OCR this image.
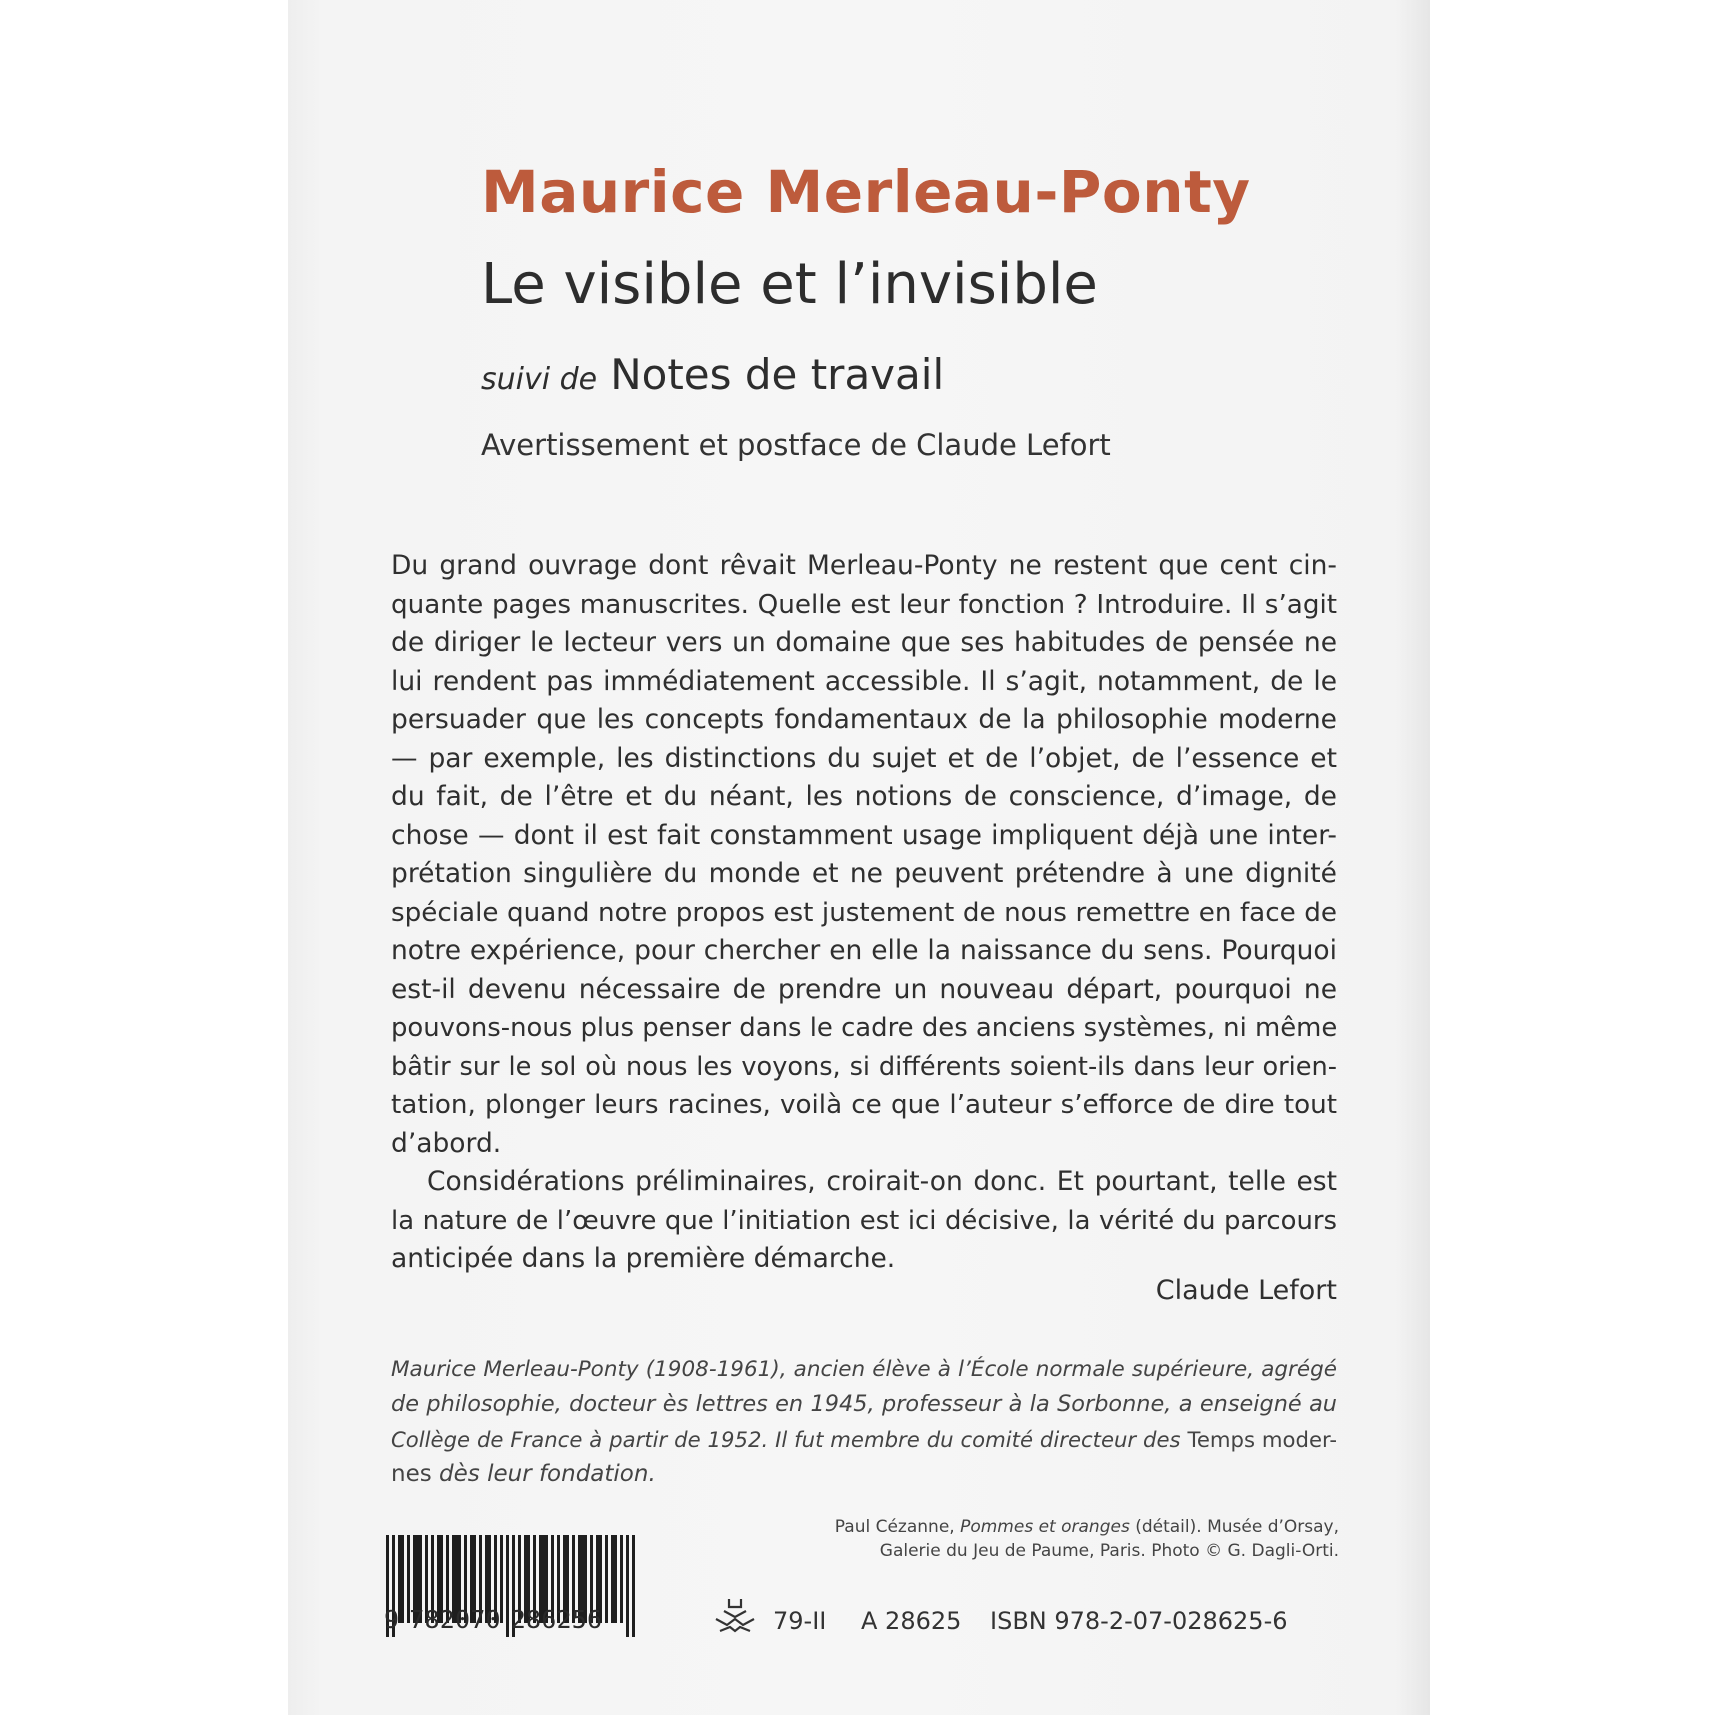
Maurice Merleau-Ponty
Le visible et l’invisible
suivi de Notes de travail
Avertissement et postface de Claude Lefort
Du grand ouvrage dont rêvait Merleau-Ponty ne restent que cent cin-
quante pages manuscrites. Quelle est leur fonction ? Introduire. Il s’agit
de diriger le lecteur vers un domaine que ses habitudes de pensée ne
lui rendent pas immédiatement accessible. Il s’agit, notamment, de le
persuader que les concepts fondamentaux de la philosophie moderne
— par exemple, les distinctions du sujet et de l’objet, de l’essence et
du fait, de l’être et du néant, les notions de conscience, d’image, de
chose — dont il est fait constamment usage impliquent déjà une inter-
prétation singulière du monde et ne peuvent prétendre à une dignité
spéciale quand notre propos est justement de nous remettre en face de
notre expérience, pour chercher en elle la naissance du sens. Pourquoi
est-il devenu nécessaire de prendre un nouveau départ, pourquoi ne
pouvons-nous plus penser dans le cadre des anciens systèmes, ni même
bâtir sur le sol où nous les voyons, si différents soient-ils dans leur orien-
tation, plonger leurs racines, voilà ce que l’auteur s’efforce de dire tout
d’abord.
Considérations préliminaires, croirait-on donc. Et pourtant, telle est
la nature de l’œuvre que l’initiation est ici décisive, la vérité du parcours
anticipée dans la première démarche.
Claude Lefort
Maurice Merleau-Ponty (1908-1961), ancien élève à l’École normale supérieure, agrégé
de philosophie, docteur ès lettres en 1945, professeur à la Sorbonne, a enseigné au
Collège de France à partir de 1952. Il fut membre du comité directeur des Temps moder-
nes dès leur fondation.
Paul Cézanne, Pommes et oranges (détail). Musée d’Orsay,
Galerie du Jeu de Paume, Paris. Photo © G. Dagli-Orti.
9 782070 286256	79-II A 28625 ISBN 978-2-07-028625-6
